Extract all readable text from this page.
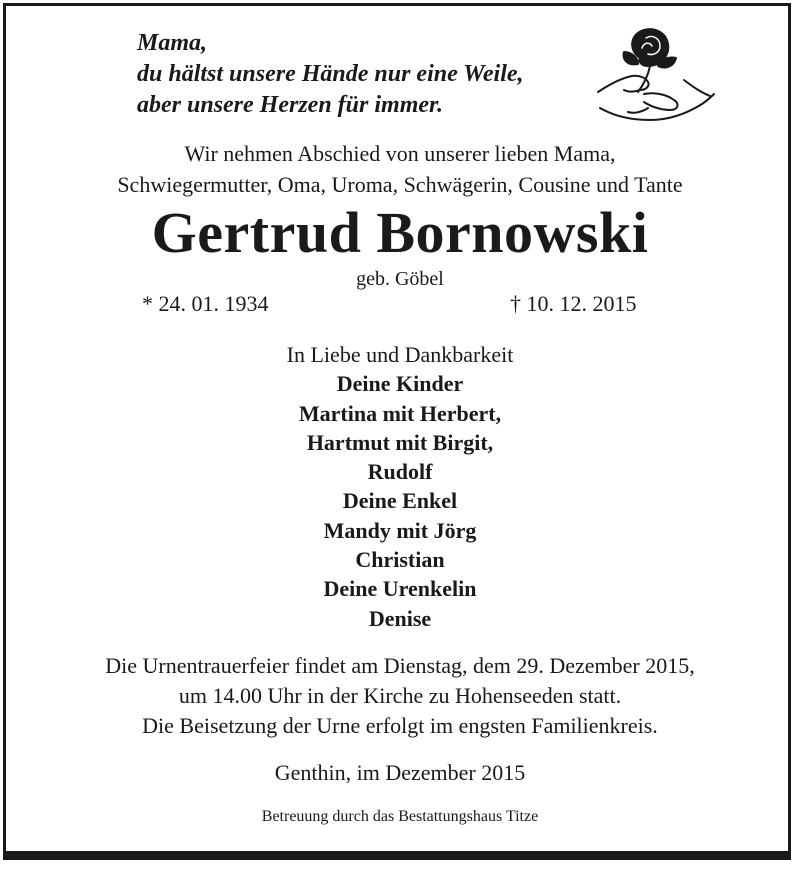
Mama,
du hältst unsere Hände nur eine Weile,
aber unsere Herzen für immer.
Wir nehmen Abschied von unserer lieben Mama,
Schwiegermutter, Oma, Uroma, Schwägerin, Cousine und Tante
Gertrud Bornowski
geb. Göbel
* 24. 01. 1934	† 10. 12. 2015
In Liebe und Dankbarkeit
Deine Kinder
Martina mit Herbert,
Hartmut mit Birgit,
Rudolf
Deine Enkel
Mandy mit Jörg
Christian
Deine Urenkelin
Denise
Die Urnentrauerfeier findet am Dienstag, dem 29. Dezember 2015,
um 14.00 Uhr in der Kirche zu Hohenseeden statt.
Die Beisetzung der Urne erfolgt im engsten Familienkreis.
Genthin, im Dezember 2015
Betreuung durch das Bestattungshaus Titze
